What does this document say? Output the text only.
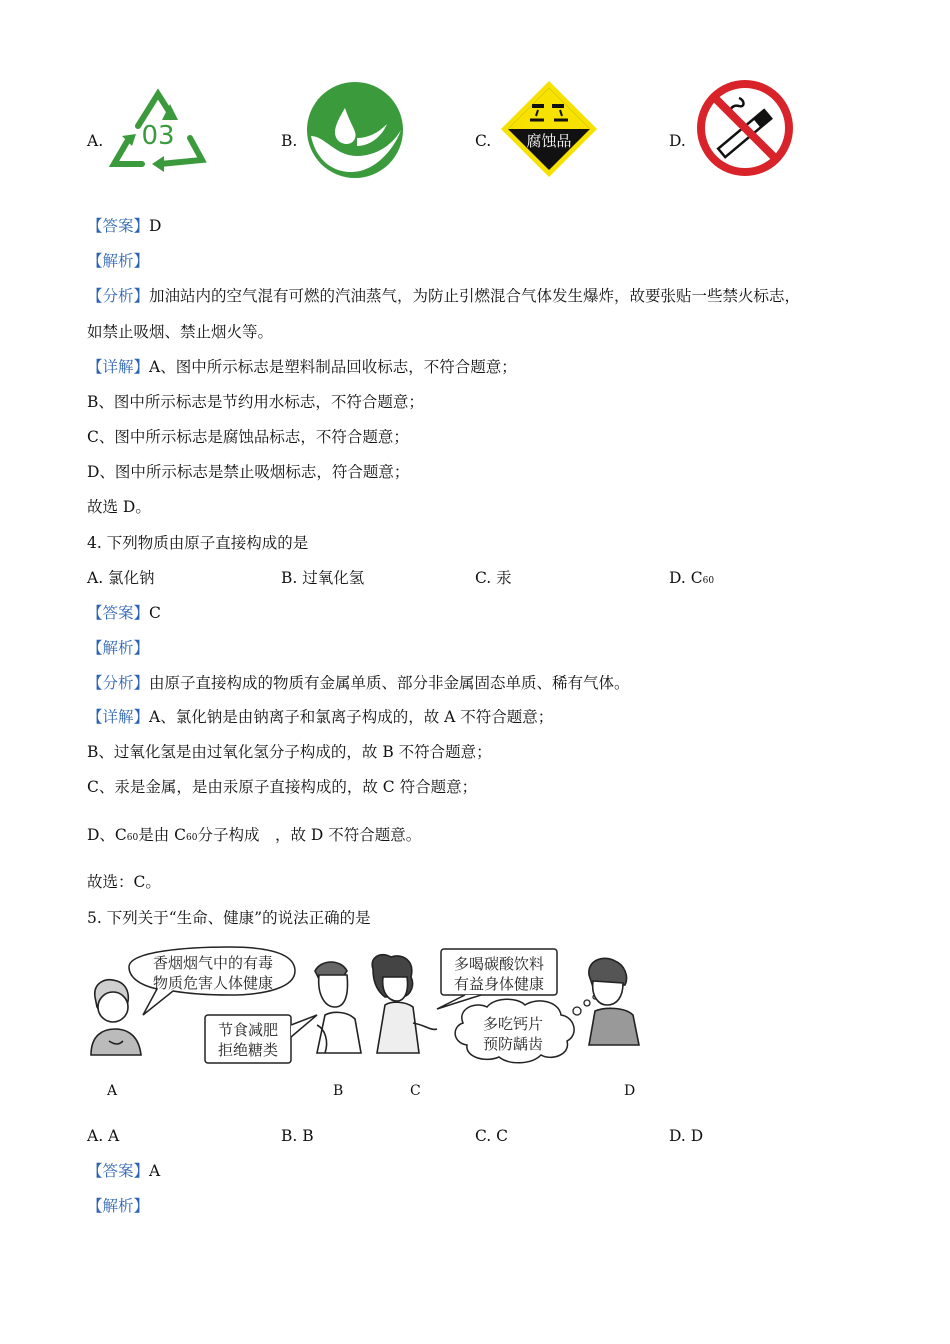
A. 03	B.	C. 腐蚀品	D.
【答案】D
【解析】
【分析】加油站内的空气混有可燃的汽油蒸气，为防止引燃混合气体发生爆炸，故要张贴一些禁火标志，
如禁止吸烟、禁止烟火等。
【详解】A、图中所示标志是塑料制品回收标志，不符合题意；
B、图中所示标志是节约用水标志，不符合题意；
C、图中所示标志是腐蚀品标志，不符合题意；
D、图中所示标志是禁止吸烟标志，符合题意；
故选 D。
4. 下列物质由原子直接构成的是
A. 氯化钠	B. 过氧化氢	C. 汞	D. C60
【答案】C
【解析】
【分析】由原子直接构成的物质有金属单质、部分非金属固态单质、稀有气体。
【详解】A、氯化钠是由钠离子和氯离子构成的，故 A 不符合题意；
B、过氧化氢是由过氧化氢分子构成的，故 B 不符合题意；
C、汞是金属，是由汞原子直接构成的，故 C 符合题意；
D、C60是由 C60分子构成　，故 D 不符合题意。
故选：C。
5. 下列关于“生命、健康”的说法正确的是
香烟烟气中的有毒
物质危害人体健康
节食减肥
拒绝糖类
多喝碳酸饮料
有益身体健康
多吃钙片
预防龋齿
A	B	C	D
A. A	B. B	C. C	D. D
【答案】A
【解析】
